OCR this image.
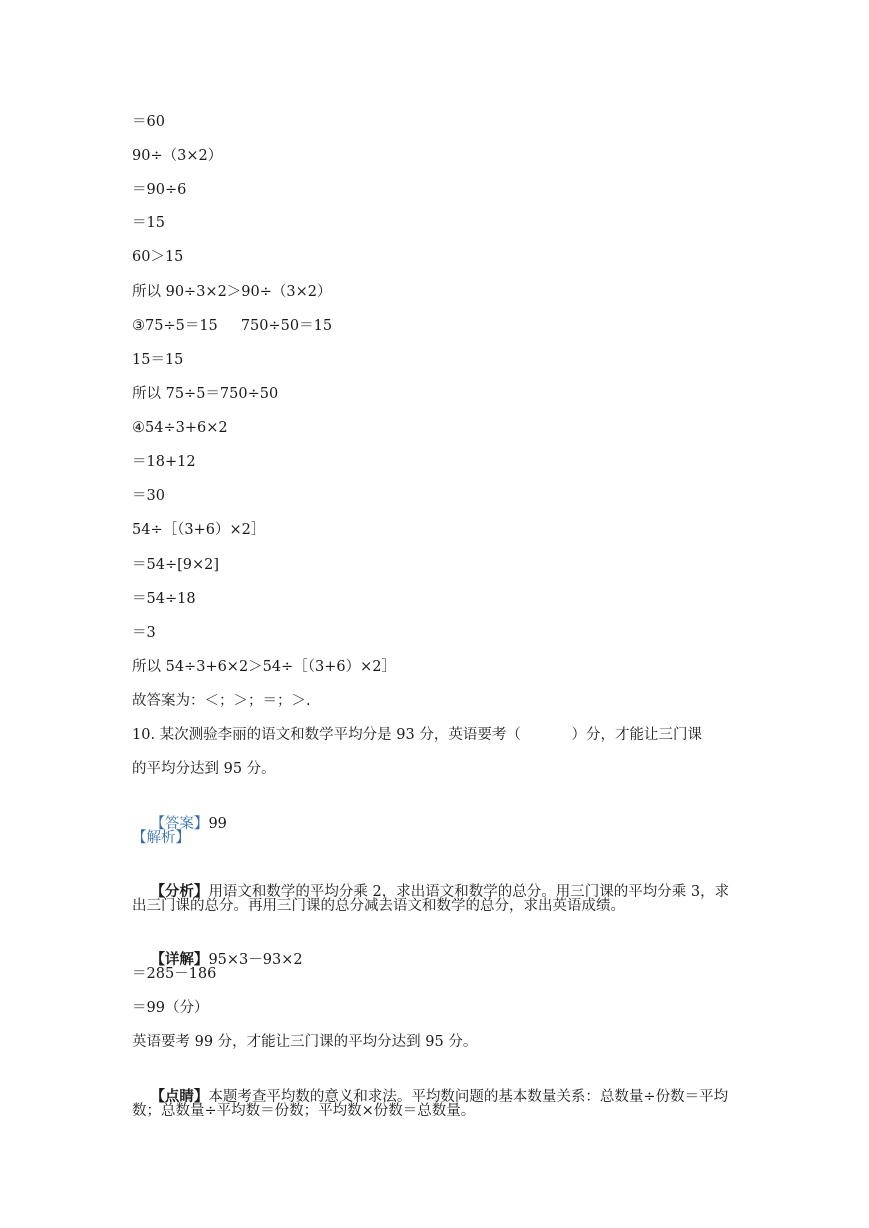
＝60
90÷（3×2）
＝90÷6
＝15
60＞15
所以 90÷3×2＞90÷（3×2）
③75÷5＝15     750÷50＝15
15＝15
所以 75÷5＝750÷50
④54÷3+6×2
＝18+12
＝30
54÷［（3+6）×2］
＝54÷[9×2]
＝54÷18
＝3
所以 54÷3+6×2＞54÷［（3+6）×2］
故答案为：＜；＞；＝；＞.
10. 某次测验李丽的语文和数学平均分是 93 分，英语要考（           ）分，才能让三门课
的平均分达到 95 分。

【答案】99

【解析】

【分析】用语文和数学的平均分乘 2，求出语文和数学的总分。用三门课的平均分乘 3，求

出三门课的总分。再用三门课的总分减去语文和数学的总分，求出英语成绩。

【详解】95×3－93×2

＝285－186
＝99（分）
英语要考 99 分，才能让三门课的平均分达到 95 分。

【点睛】本题考查平均数的意义和求法。平均数问题的基本数量关系：总数量÷份数＝平均

数；总数量÷平均数＝份数；平均数×份数＝总数量。
